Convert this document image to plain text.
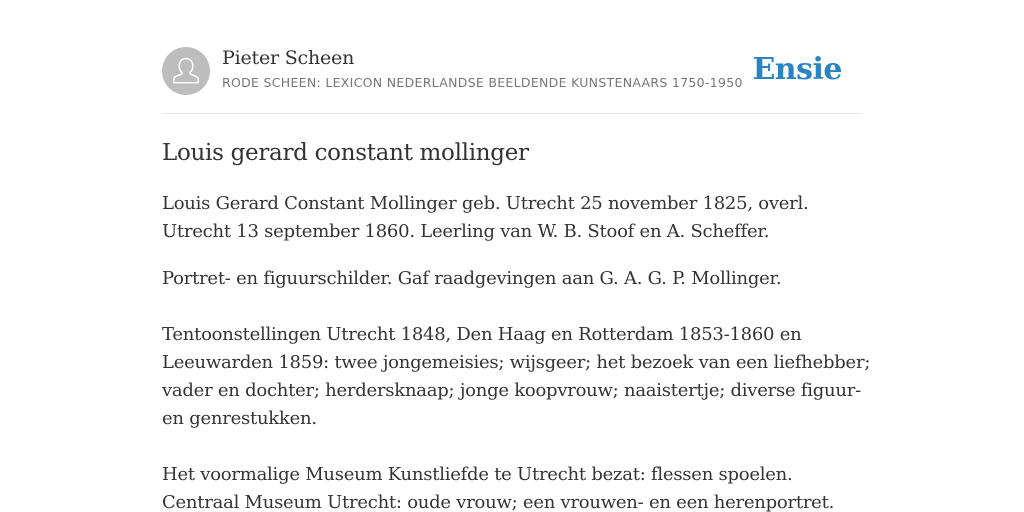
Pieter Scheen
RODE SCHEEN: LEXICON NEDERLANDSE BEELDENDE KUNSTENAARS 1750-1950 Ensie
Louis gerard constant mollinger

Louis Gerard Constant Mollinger geb. Utrecht 25 november 1825, overl. Utrecht 13 september 1860. Leerling van W. B. Stoof en A. Scheffer.

Portret- en figuurschilder. Gaf raadgevingen aan G. A. G. P. Mollinger.

Tentoonstellingen Utrecht 1848, Den Haag en Rotterdam 1853-1860 en Leeuwarden 1859: twee jongemeisies; wijsgeer; het bezoek van een liefhebber; vader en dochter; herdersknaap; jonge koopvrouw; naaistertje; diverse figuur- en genrestukken.

Het voormalige Museum Kunstliefde te Utrecht bezat: flessen spoelen. Centraal Museum Utrecht: oude vrouw; een vrouwen- en een herenportret.
